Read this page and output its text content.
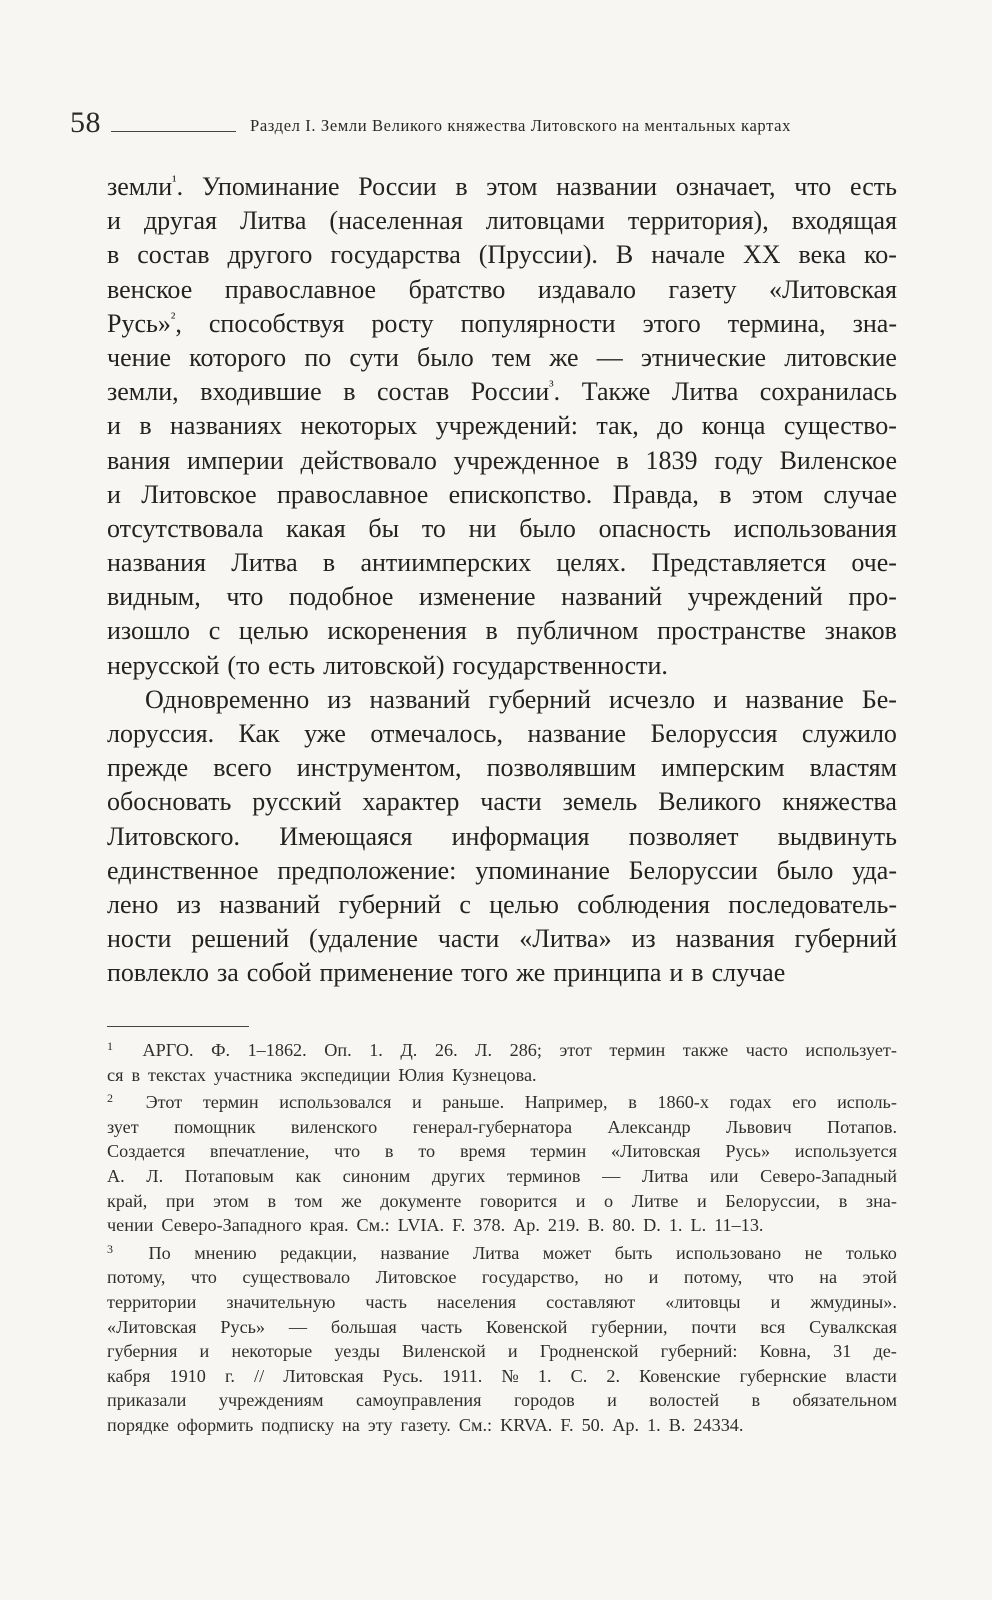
58	Раздел I. Земли Великого княжества Литовского на ментальных картах
земли$^{^1}$. Упоминание России в этом названии означает, что есть
и другая Литва (населенная литовцами территория), входящая
в состав другого государства (Пруссии). В начале XX века ко-
венское православное братство издавало газету «Литовская
Русь»$^{^2}$, способствуя росту популярности этого термина, зна-
чение которого по сути было тем же — этнические литовские
земли, входившие в состав России$^{^3}$. Также Литва сохранилась
и в названиях некоторых учреждений: так, до конца существо-
вания империи действовало учрежденное в 1839 году Виленское
и Литовское православное епископство. Правда, в этом случае
отсутствовала какая бы то ни было опасность использования
названия Литва в антиимперских целях. Представляется оче-
видным, что подобное изменение названий учреждений про-
изошло с целью искоренения в публичном пространстве знаков
нерусской (то есть литовской) государственности.
Одновременно из названий губерний исчезло и название Бе-
лоруссия. Как уже отмечалось, название Белоруссия служило
прежде всего инструментом, позволявшим имперским властям
обосновать русский характер части земель Великого княжества
Литовского. Имеющаяся информация позволяет выдвинуть
единственное предположение: упоминание Белоруссии было уда-
лено из названий губерний с целью соблюдения последователь-
ности решений (удаление части «Литва» из названия губерний
повлекло за собой применение того же принципа и в случае
1	АРГО. Ф. 1–1862. Оп. 1. Д. 26. Л. 286; этот термин также часто использует-
ся в текстах участника экспедиции Юлия Кузнецова.
2	Этот термин использовался и раньше. Например, в 1860-х годах его исполь-
зует помощник виленского генерал-губернатора Александр Львович Потапов.
Создается впечатление, что в то время термин «Литовская Русь» используется
А. Л. Потаповым как синоним других терминов — Литва или Северо-Западный
край, при этом в том же документе говорится и о Литве и Белоруссии, в зна-
чении Северо-Западного края. См.: LVIA. F. 378. Ap. 219. B. 80. D. 1. L. 11–13.
3	По мнению редакции, название Литва может быть использовано не только
потому, что существовало Литовское государство, но и потому, что на этой
территории значительную часть населения составляют «литовцы и жмудины».
«Литовская Русь» — большая часть Ковенской губернии, почти вся Сувалкская
губерния и некоторые уезды Виленской и Гродненской губерний: Ковна, 31 де-
кабря 1910 г. // Литовская Русь. 1911. № 1. С. 2. Ковенские губернские власти
приказали учреждениям самоуправления городов и волостей в обязательном
порядке оформить подписку на эту газету. См.: KRVA. F. 50. Ap. 1. B. 24334.
